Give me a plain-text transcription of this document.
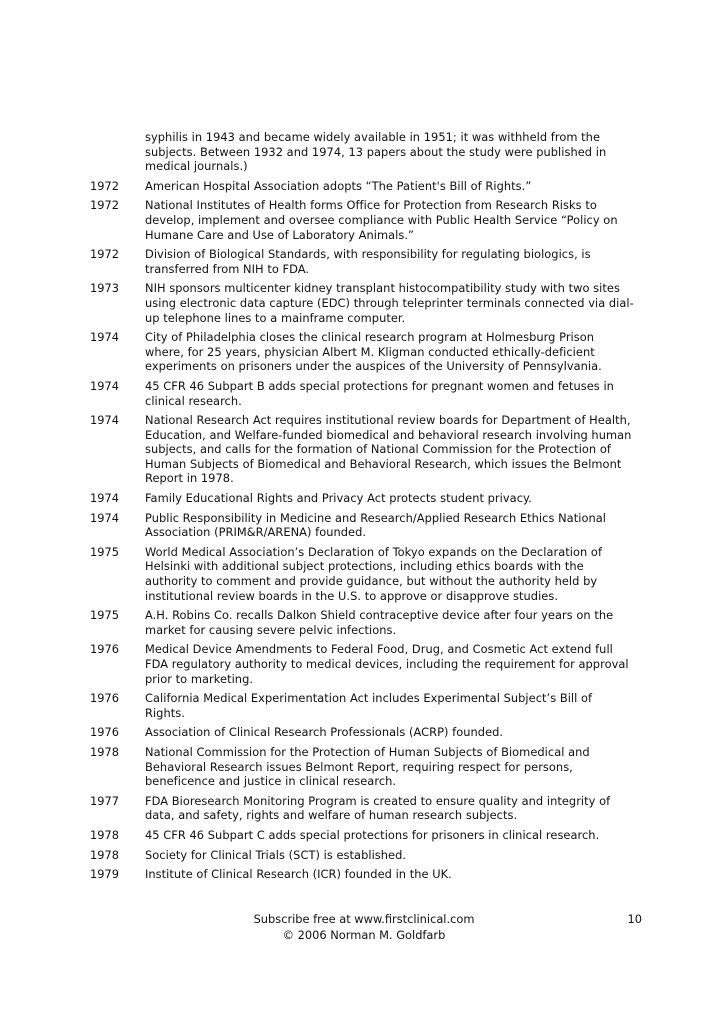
syphilis in 1943 and became widely available in 1951; it was withheld from the subjects. Between 1932 and 1974, 13 papers about the study were published in medical journals.)
1972	American Hospital Association adopts “The Patient's Bill of Rights.”
1972	National Institutes of Health forms Office for Protection from Research Risks to develop, implement and oversee compliance with Public Health Service “Policy on Humane Care and Use of Laboratory Animals.”
1972	Division of Biological Standards, with responsibility for regulating biologics, is transferred from NIH to FDA.
1973	NIH sponsors multicenter kidney transplant histocompatibility study with two sites using electronic data capture (EDC) through teleprinter terminals connected via dial-up telephone lines to a mainframe computer.
1974	City of Philadelphia closes the clinical research program at Holmesburg Prison where, for 25 years, physician Albert M. Kligman conducted ethically-deficient experiments on prisoners under the auspices of the University of Pennsylvania.
1974	45 CFR 46 Subpart B adds special protections for pregnant women and fetuses in clinical research.
1974	National Research Act requires institutional review boards for Department of Health, Education, and Welfare-funded biomedical and behavioral research involving human subjects, and calls for the formation of National Commission for the Protection of Human Subjects of Biomedical and Behavioral Research, which issues the Belmont Report in 1978.
1974	Family Educational Rights and Privacy Act protects student privacy.
1974	Public Responsibility in Medicine and Research/Applied Research Ethics National Association (PRIM&R/ARENA) founded.
1975	World Medical Association’s Declaration of Tokyo expands on the Declaration of Helsinki with additional subject protections, including ethics boards with the authority to comment and provide guidance, but without the authority held by institutional review boards in the U.S. to approve or disapprove studies.
1975	A.H. Robins Co. recalls Dalkon Shield contraceptive device after four years on the market for causing severe pelvic infections.
1976	Medical Device Amendments to Federal Food, Drug, and Cosmetic Act extend full FDA regulatory authority to medical devices, including the requirement for approval prior to marketing.
1976	California Medical Experimentation Act includes Experimental Subject’s Bill of Rights.
1976	Association of Clinical Research Professionals (ACRP) founded.
1978	National Commission for the Protection of Human Subjects of Biomedical and Behavioral Research issues Belmont Report, requiring respect for persons, beneficence and justice in clinical research.
1977	FDA Bioresearch Monitoring Program is created to ensure quality and integrity of data, and safety, rights and welfare of human research subjects.
1978	45 CFR 46 Subpart C adds special protections for prisoners in clinical research.
1978	Society for Clinical Trials (SCT) is established.
1979	Institute of Clinical Research (ICR) founded in the UK.
Subscribe free at www.firstclinical.com
© 2006 Norman M. Goldfarb
10
